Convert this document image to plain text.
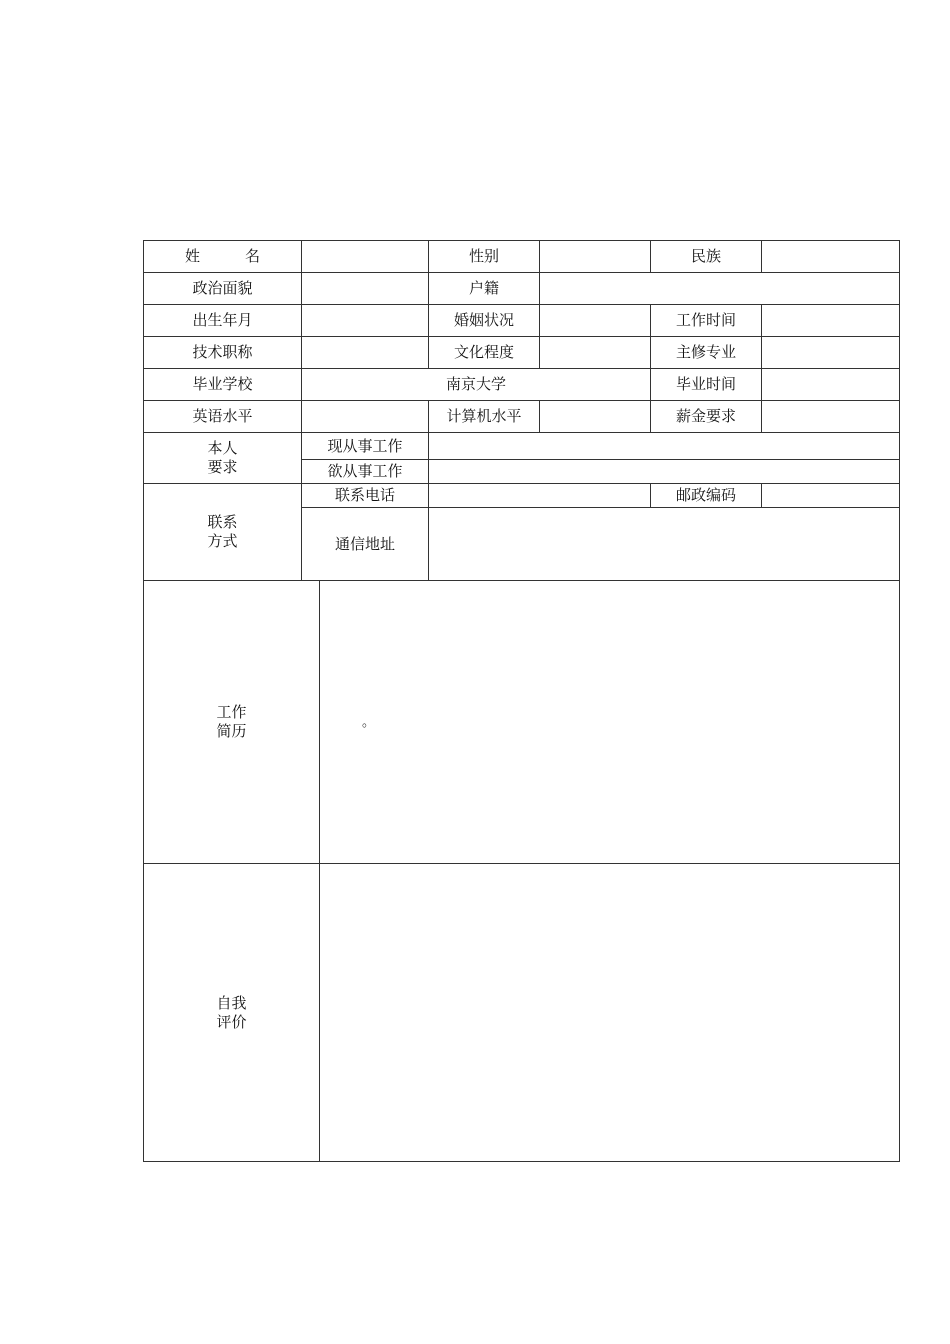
姓 名			性别		民族	
政治面貌			户籍			
出生年月			婚姻状况		工作时间	
技术职称			文化程度		主修专业	
毕业学校	南京大学				毕业时间	
英语水平			计算机水平		薪金要求	

本人
要求	现从事工作					
	欲从事工作					

联系
方式	联系电话				邮政编码	
	通信地址					

工作
简历		。				

自我
评价						
